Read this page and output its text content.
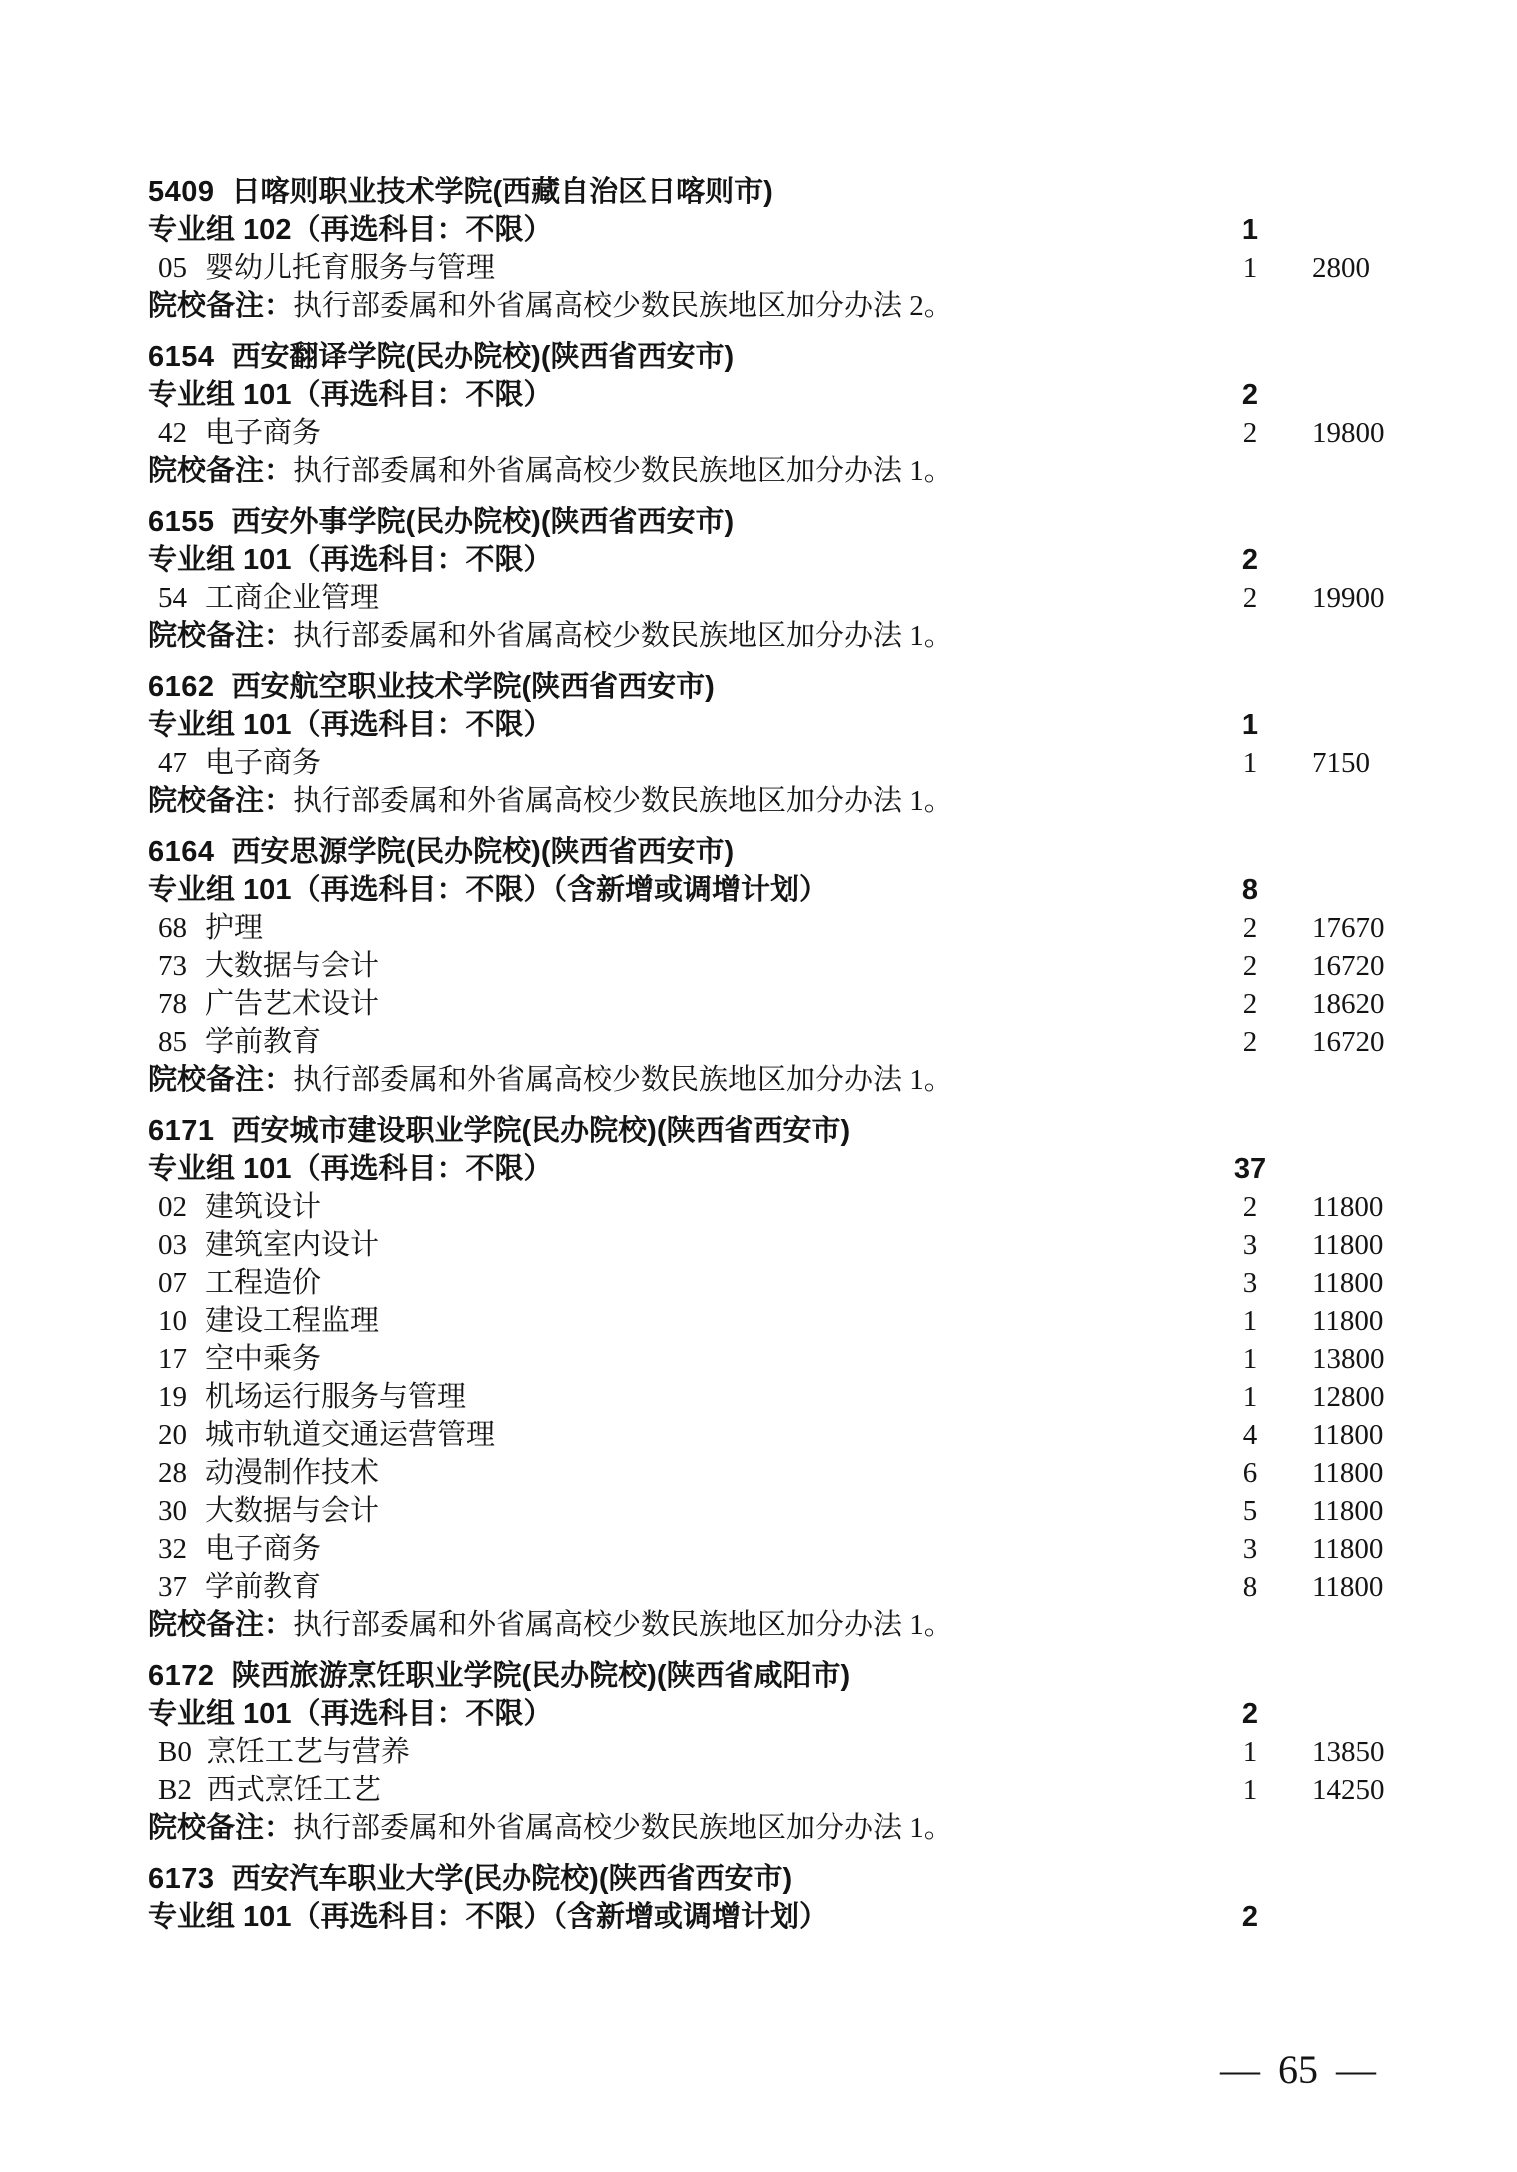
5409 日喀则职业技术学院(西藏自治区日喀则市)
专业组 102（再选科目：不限）	1
05 婴幼儿托育服务与管理	1	2800
院校备注：执行部委属和外省属高校少数民族地区加分办法 2。
6154 西安翻译学院(民办院校)(陕西省西安市)
专业组 101（再选科目：不限）	2
42 电子商务	2	19800
院校备注：执行部委属和外省属高校少数民族地区加分办法 1。
6155 西安外事学院(民办院校)(陕西省西安市)
专业组 101（再选科目：不限）	2
54 工商企业管理	2	19900
院校备注：执行部委属和外省属高校少数民族地区加分办法 1。
6162 西安航空职业技术学院(陕西省西安市)
专业组 101（再选科目：不限）	1
47 电子商务	1	7150
院校备注：执行部委属和外省属高校少数民族地区加分办法 1。
6164 西安思源学院(民办院校)(陕西省西安市)
专业组 101（再选科目：不限）（含新增或调增计划）	8
68 护理	2	17670
73 大数据与会计	2	16720
78 广告艺术设计	2	18620
85 学前教育	2	16720
院校备注：执行部委属和外省属高校少数民族地区加分办法 1。
6171 西安城市建设职业学院(民办院校)(陕西省西安市)
专业组 101（再选科目：不限）	37
02 建筑设计	2	11800
03 建筑室内设计	3	11800
07 工程造价	3	11800
10 建设工程监理	1	11800
17 空中乘务	1	13800
19 机场运行服务与管理	1	12800
20 城市轨道交通运营管理	4	11800
28 动漫制作技术	6	11800
30 大数据与会计	5	11800
32 电子商务	3	11800
37 学前教育	8	11800
院校备注：执行部委属和外省属高校少数民族地区加分办法 1。
6172 陕西旅游烹饪职业学院(民办院校)(陕西省咸阳市)
专业组 101（再选科目：不限）	2
B0 烹饪工艺与营养	1	13850
B2 西式烹饪工艺	1	14250
院校备注：执行部委属和外省属高校少数民族地区加分办法 1。
6173 西安汽车职业大学(民办院校)(陕西省西安市)
专业组 101（再选科目：不限）（含新增或调增计划）	2
— 65 —
